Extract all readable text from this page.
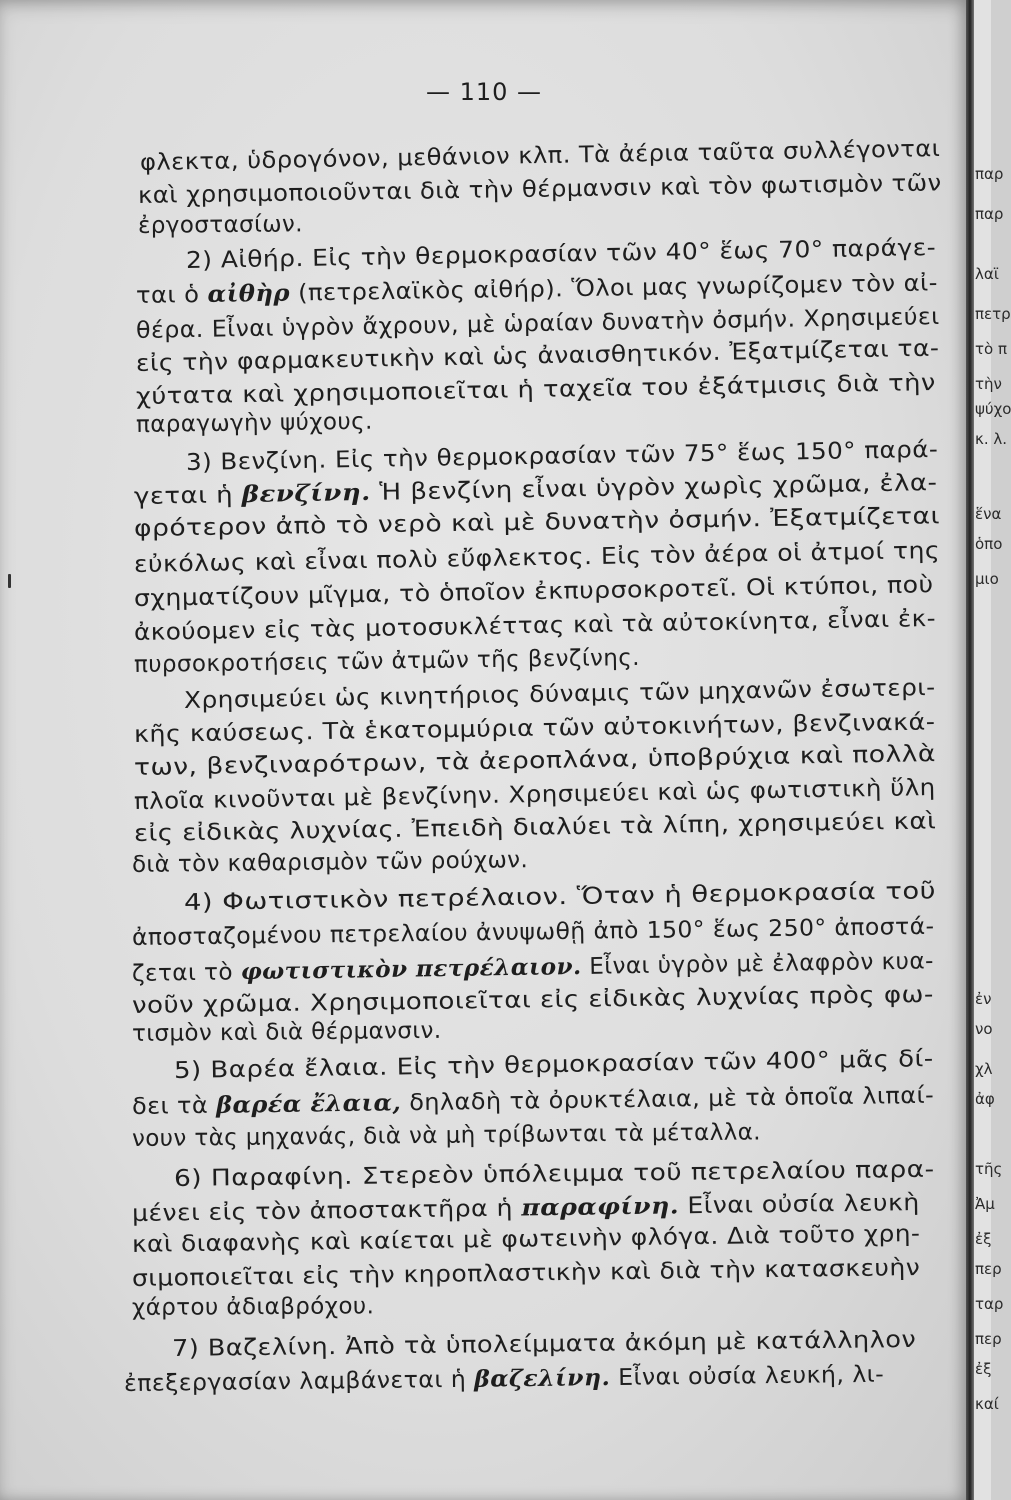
— 110 —
φλεκτα, ὑδρογόνον, μεθάνιον κλπ. Τὰ ἀέρια ταῦτα συλλέγονται
καὶ χρησιμοποιοῦνται διὰ τὴν θέρμανσιν καὶ τὸν φωτισμὸν τῶν
ἐργοστασίων.
2) Αἰθήρ. Εἰς τὴν θερμοκρασίαν τῶν 40° ἕως 70° παράγε-
ται ὁ αἰθὴρ (πετρελαϊκὸς αἰθήρ). Ὅλοι μας γνωρίζομεν τὸν αἰ-
θέρα. Εἶναι ὑγρὸν ἄχρουν, μὲ ὡραίαν δυνατὴν ὀσμήν. Χρησιμεύει
εἰς τὴν φαρμακευτικὴν καὶ ὡς ἀναισθητικόν. Ἐξατμίζεται τα-
χύτατα καὶ χρησιμοποιεῖται ἡ ταχεῖα του ἐξάτμισις διὰ τὴν
παραγωγὴν ψύχους.
3) Βενζίνη. Εἰς τὴν θερμοκρασίαν τῶν 75° ἕως 150° παρά-
γεται ἡ βενζίνη. Ἡ βενζίνη εἶναι ὑγρὸν χωρὶς χρῶμα, ἐλα-
φρότερον ἀπὸ τὸ νερὸ καὶ μὲ δυνατὴν ὀσμήν. Ἐξατμίζεται
εὐκόλως καὶ εἶναι πολὺ εὔφλεκτος. Εἰς τὸν ἀέρα οἱ ἀτμοί της
σχηματίζουν μῖγμα, τὸ ὁποῖον ἐκπυρσοκροτεῖ. Οἱ κτύποι, ποὺ
ἀκούομεν εἰς τὰς μοτοσυκλέττας καὶ τὰ αὐτοκίνητα, εἶναι ἐκ-
πυρσοκροτήσεις τῶν ἀτμῶν τῆς βενζίνης.
Χρησιμεύει ὡς κινητήριος δύναμις τῶν μηχανῶν ἐσωτερι-
κῆς καύσεως. Τὰ ἑκατομμύρια τῶν αὐτοκινήτων, βενζινακά-
των, βενζιναρότρων, τὰ ἀεροπλάνα, ὑποβρύχια καὶ πολλὰ
πλοῖα κινοῦνται μὲ βενζίνην. Χρησιμεύει καὶ ὡς φωτιστικὴ ὕλη
εἰς εἰδικὰς λυχνίας. Ἐπειδὴ διαλύει τὰ λίπη, χρησιμεύει καὶ
διὰ τὸν καθαρισμὸν τῶν ρούχων.
4) Φωτιστικὸν πετρέλαιον. Ὅταν ἡ θερμοκρασία τοῦ
ἀποσταζομένου πετρελαίου ἀνυψωθῇ ἀπὸ 150° ἕως 250° ἀποστά-
ζεται τὸ φωτιστικὸν πετρέλαιον. Εἶναι ὑγρὸν μὲ ἐλαφρὸν κυα-
νοῦν χρῶμα. Χρησιμοποιεῖται εἰς εἰδικὰς λυχνίας πρὸς φω-
τισμὸν καὶ διὰ θέρμανσιν.
5) Βαρέα ἔλαια. Εἰς τὴν θερμοκρασίαν τῶν 400° μᾶς δί-
δει τὰ βαρέα ἔλαια, δηλαδὴ τὰ ὀρυκτέλαια, μὲ τὰ ὁποῖα λιπαί-
νουν τὰς μηχανάς, διὰ νὰ μὴ τρίβωνται τὰ μέταλλα.
6) Παραφίνη. Στερεὸν ὑπόλειμμα τοῦ πετρελαίου παρα-
μένει εἰς τὸν ἀποστακτῆρα ἡ παραφίνη. Εἶναι οὐσία λευκὴ
καὶ διαφανὴς καὶ καίεται μὲ φωτεινὴν φλόγα. Διὰ τοῦτο χρη-
σιμοποιεῖται εἰς τὴν κηροπλαστικὴν καὶ διὰ τὴν κατασκευὴν
χάρτου ἀδιαβρόχου.
7) Βαζελίνη. Ἀπὸ τὰ ὑπολείμματα ἀκόμη μὲ κατάλληλον
ἐπεξεργασίαν λαμβάνεται ἡ βαζελίνη. Εἶναι οὐσία λευκή, λι-
παρ
παρ
λαϊ
πετρ
τὸ π
τὴν
ψύχο
κ. λ.
ἕνα
ὁπο
μιο
ἐν
νο
χλ
ἀφ
τῆς
Ἀμ
ἐξ
περ
ταρ
περ
ἐξ
καί
